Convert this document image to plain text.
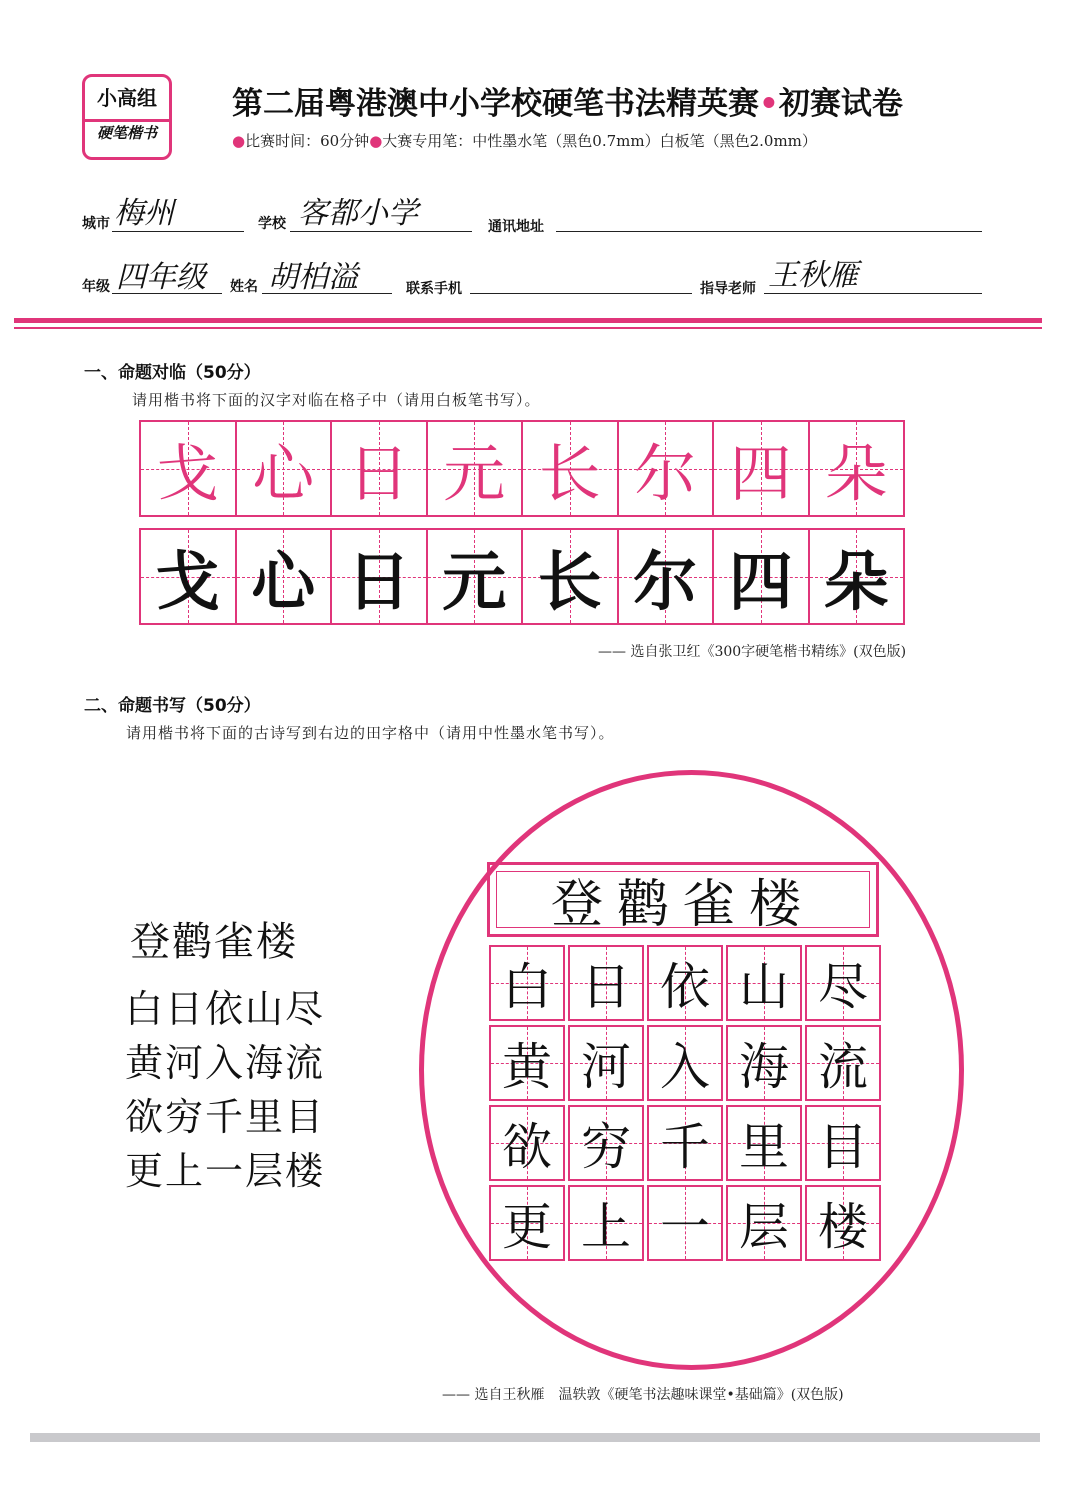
小高组
硬笔楷书
第二届粤港澳中小学校硬笔书法精英赛•初赛试卷
●比赛时间：60分钟●大赛专用笔：中性墨水笔（黑色0.7mm）白板笔（黑色2.0mm）
城市 梅州	学校 客都小学	通讯地址
年级 四年级 姓名 胡柏溢	联系手机	指导老师 王秋雁
一、命题对临（50分）
请用楷书将下面的汉字对临在格子中（请用白板笔书写）。
戈 心 日 元 长 尔 四 朵
戈 心 日 元 长 尔 四 朵
—— 选自张卫红《300字硬笔楷书精练》(双色版)
二、命题书写（50分）
请用楷书将下面的古诗写到右边的田字格中（请用中性墨水笔书写）。
登鹳雀楼
白日依山尽
黄河入海流
欲穷千里目
更上一层楼
登鹳雀楼
白 日 依 山 尽
黄 河 入 海 流
欲 穷 千 里 目
更 上 一 层 楼
—— 选自王秋雁　温轶敦《硬笔书法趣味课堂•基础篇》(双色版)
